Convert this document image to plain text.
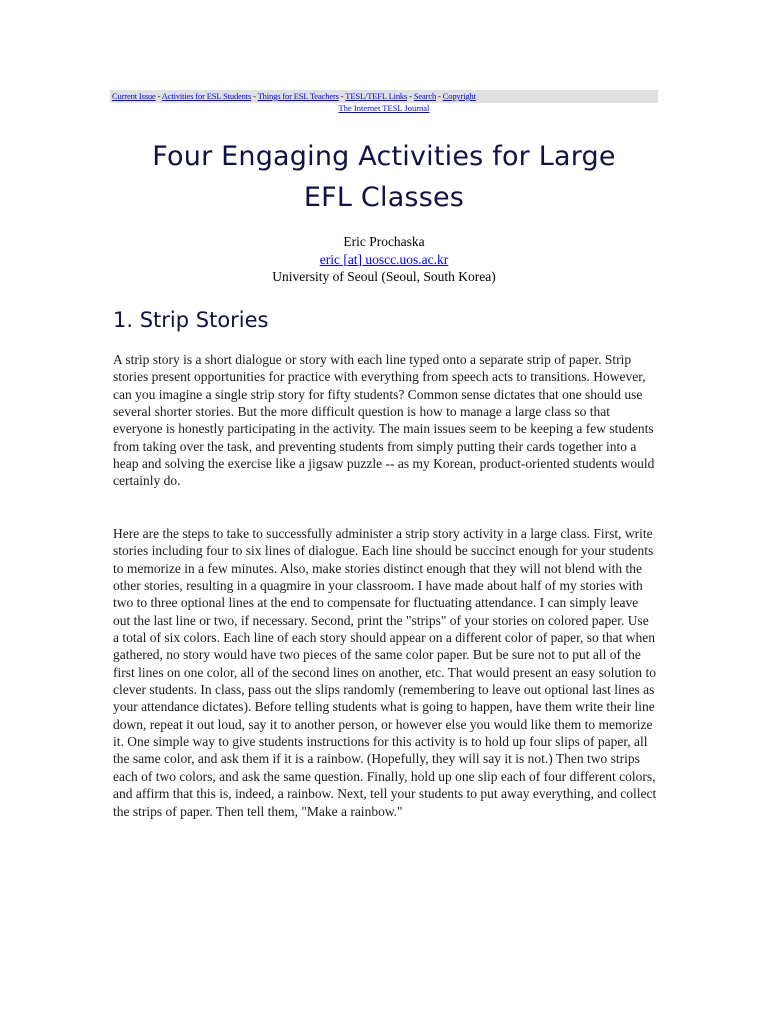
Current Issue - Activities for ESL Students - Things for ESL Teachers - TESL/TEFL Links - Search - Copyright
The Internet TESL Journal
Four Engaging Activities for Large
EFL Classes
Eric Prochaska
eric [at] uoscc.uos.ac.kr
University of Seoul (Seoul, South Korea)
1. Strip Stories

A strip story is a short dialogue or story with each line typed onto a separate strip of paper. Strip stories present opportunities for practice with everything from speech acts to transitions. However, can you imagine a single strip story for fifty students? Common sense dictates that one should use several shorter stories. But the more difficult question is how to manage a large class so that everyone is honestly participating in the activity. The main issues seem to be keeping a few students from taking over the task, and preventing students from simply putting their cards together into a heap and solving the exercise like a jigsaw puzzle -- as my Korean, product-oriented students would certainly do.

Here are the steps to take to successfully administer a strip story activity in a large class. First, write stories including four to six lines of dialogue. Each line should be succinct enough for your students to memorize in a few minutes. Also, make stories distinct enough that they will not blend with the other stories, resulting in a quagmire in your classroom. I have made about half of my stories with two to three optional lines at the end to compensate for fluctuating attendance. I can simply leave out the last line or two, if necessary. Second, print the "strips" of your stories on colored paper. Use a total of six colors. Each line of each story should appear on a different color of paper, so that when gathered, no story would have two pieces of the same color paper. But be sure not to put all of the first lines on one color, all of the second lines on another, etc. That would present an easy solution to clever students. In class, pass out the slips randomly (remembering to leave out optional last lines as your attendance dictates). Before telling students what is going to happen, have them write their line down, repeat it out loud, say it to another person, or however else you would like them to memorize it. One simple way to give students instructions for this activity is to hold up four slips of paper, all the same color, and ask them if it is a rainbow. (Hopefully, they will say it is not.) Then two strips each of two colors, and ask the same question. Finally, hold up one slip each of four different colors, and affirm that this is, indeed, a rainbow. Next, tell your students to put away everything, and collect the strips of paper. Then tell them, "Make a rainbow."
